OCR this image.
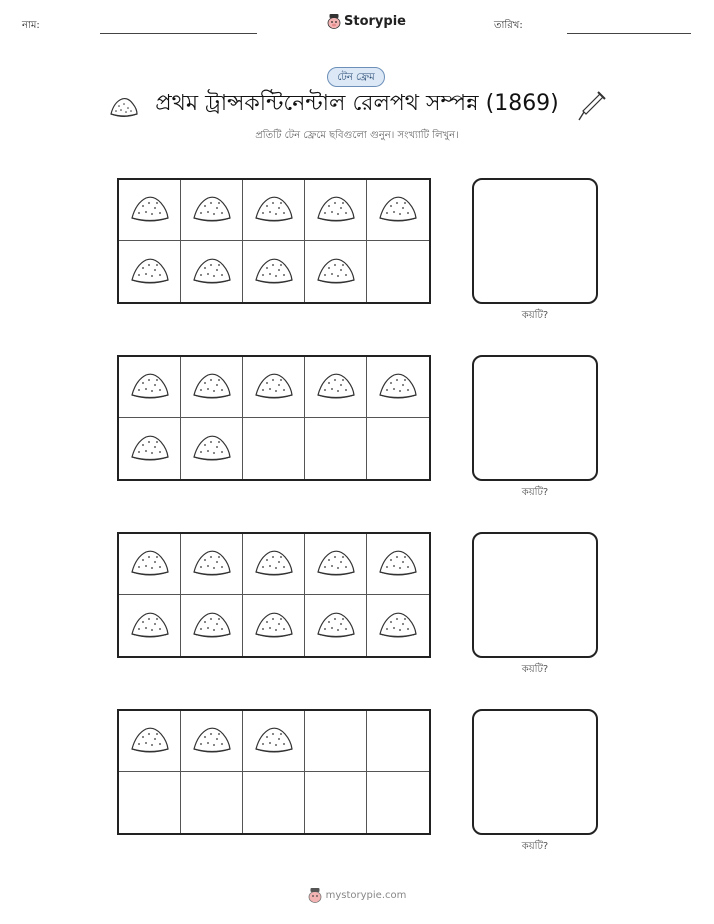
নাম:	Storypie	তারিখ:
টেন ফ্রেম
প্রথম ট্রান্সকন্টিনেন্টাল রেলপথ সম্পন্ন (1869)
প্রতিটি টেন ফ্রেমে ছবিগুলো গুনুন। সংখ্যাটি লিখুন।
কয়টি?
কয়টি?
কয়টি?
কয়টি?
mystorypie.com
